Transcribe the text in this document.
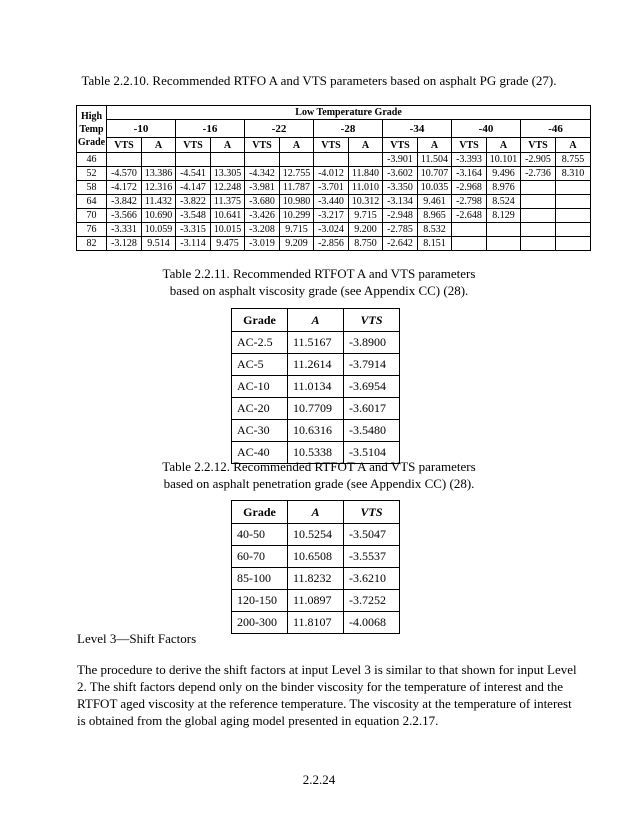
Table 2.2.10. Recommended RTFO A and VTS parameters based on asphalt PG grade (27).
High
Temp
Grade	Low Temperature Grade													
	-10		-16		-22		-28		-34		-40		-46	
	VTS	A	VTS	A	VTS	A	VTS	A	VTS	A	VTS	A	VTS	A
46									-3.901	11.504	-3.393	10.101	-2.905	8.755
52	-4.570	13.386	-4.541	13.305	-4.342	12.755	-4.012	11.840	-3.602	10.707	-3.164	9.496	-2.736	8.310
58	-4.172	12.316	-4.147	12.248	-3.981	11.787	-3.701	11.010	-3.350	10.035	-2.968	8.976		
64	-3.842	11.432	-3.822	11.375	-3.680	10.980	-3.440	10.312	-3.134	9.461	-2.798	8.524		
70	-3.566	10.690	-3.548	10.641	-3.426	10.299	-3.217	9.715	-2.948	8.965	-2.648	8.129		
76	-3.331	10.059	-3.315	10.015	-3.208	9.715	-3.024	9.200	-2.785	8.532				
82	-3.128	9.514	-3.114	9.475	-3.019	9.209	-2.856	8.750	-2.642	8.151				
Table 2.2.11. Recommended RTFOT A and VTS parameters
based on asphalt viscosity grade (see Appendix CC) (28).
Grade	A	VTS
AC-2.5	11.5167	-3.8900
AC-5	11.2614	-3.7914
AC-10	11.0134	-3.6954
AC-20	10.7709	-3.6017
AC-30	10.6316	-3.5480
AC-40	10.5338	-3.5104
Table 2.2.12. Recommended RTFOT A and VTS parameters
based on asphalt penetration grade (see Appendix CC) (28).
Grade	A	VTS
40-50	10.5254	-3.5047
60-70	10.6508	-3.5537
85-100	11.8232	-3.6210
120-150	11.0897	-3.7252
200-300	11.8107	-4.0068
Level 3—Shift Factors
The procedure to derive the shift factors at input Level 3 is similar to that shown for input Level
2. The shift factors depend only on the binder viscosity for the temperature of interest and the
RTFOT aged viscosity at the reference temperature. The viscosity at the temperature of interest
is obtained from the global aging model presented in equation 2.2.17.
2.2.24
